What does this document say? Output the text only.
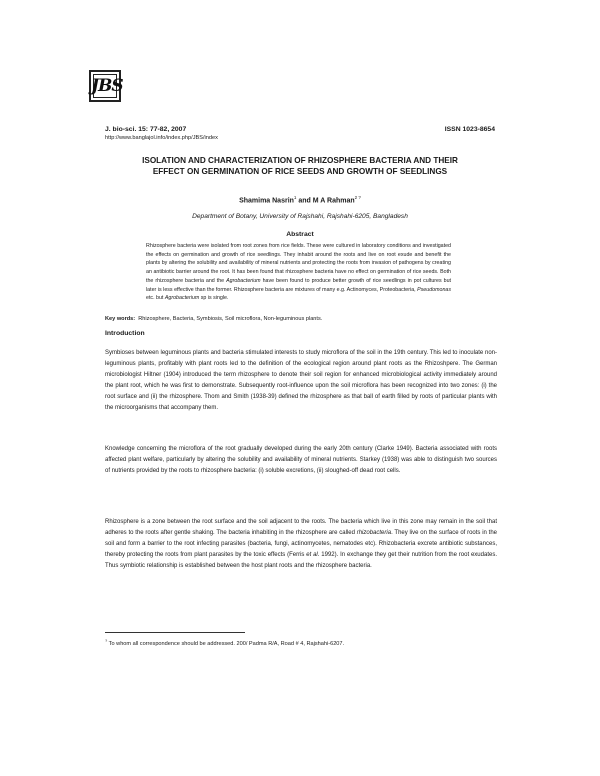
JBS
J. bio-sci. 15: 77-82, 2007
http://www.banglajol.info/index.php/JBS/index
ISSN 1023-8654
ISOLATION AND CHARACTERIZATION OF RHIZOSPHERE BACTERIA AND THEIR
EFFECT ON GERMINATION OF RICE SEEDS AND GROWTH OF SEEDLINGS
Shamima Nasrin$^1$ and M A Rahman$^{2 ?}$
Department of Botany, University of Rajshahi, Rajshahi-6205, Bangladesh
Abstract

Rhizosphere bacteria were isolated from root zones from rice fields. These were cultured in laboratory conditions and investigated the effects on germination and growth of rice seedlings. They inhabit around the roots and live on root exude and benefit the plants by altering the solubility and availability of mineral nutrients and protecting the roots from invasion of pathogens by creating an antibiotic barrier around the root. It has been found that rhizosphere bacteria have no effect on germination of rice seeds. Both the rhizosphere bacteria and the Agrobacterium have been found to produce better growth of rice seedlings in pot cultures but later is less effective than the former. Rhizosphere bacteria are mixtures of many e.g. Actinomyces, Proteobacteria, Pseudomonas etc. but Agrobacterium sp is single.

Key words: Rhizosphere, Bacteria, Symbiosis, Soil microflora, Non-leguminous plants.
Introduction

Symbioses between leguminous plants and bacteria stimulated interests to study microflora of the soil in the 19th century. This led to inoculate non-leguminous plants, profitably with plant roots led to the definition of the ecological region around plant roots as the Rhizoshpere. The German microbiologist Hiltner (1904) introduced the term rhizosphere to denote their soil region for enhanced microbiological activity immediately around the plant root, which he was first to demonstrate. Subsequently root-influence upon the soil microflora has been recognized into two zones: (i) the root surface and (ii) the rhizosphere. Thom and Smith (1938-39) defined the rhizosphere as that ball of earth filled by roots of particular plants with the microorganisms that accompany them.

Knowledge concerning the microflora of the root gradually developed during the early 20th century (Clarke 1949). Bacteria associated with roots affected plant welfare, particularly by altering the solubility and availability of mineral nutrients. Starkey (1938) was able to distinguish two sources of nutrients provided by the roots to rhizosphere bacteria: (i) soluble excretions, (ii) sloughed-off dead root cells.

Rhizosphere is a zone between the root surface and the soil adjacent to the roots. The bacteria which live in this zone may remain in the soil that adheres to the roots after gentle shaking. The bacteria inhabiting in the rhizosphere are called rhizobacteria. They live on the surface of roots in the soil and form a barrier to the root infecting parasites (bacteria, fungi, actinomycetes, nematodes etc). Rhizobacteria excrete antibiotic substances, thereby protecting the roots from plant parasites by the toxic effects (Ferris et al. 1992). In exchange they get their nutrition from the root exudates. Thus symbiotic relationship is established between the host plant roots and the rhizosphere bacteria.

? To whom all correspondence should be addressed. 200/ Padma R/A, Road # 4, Rajshahi-6207.
